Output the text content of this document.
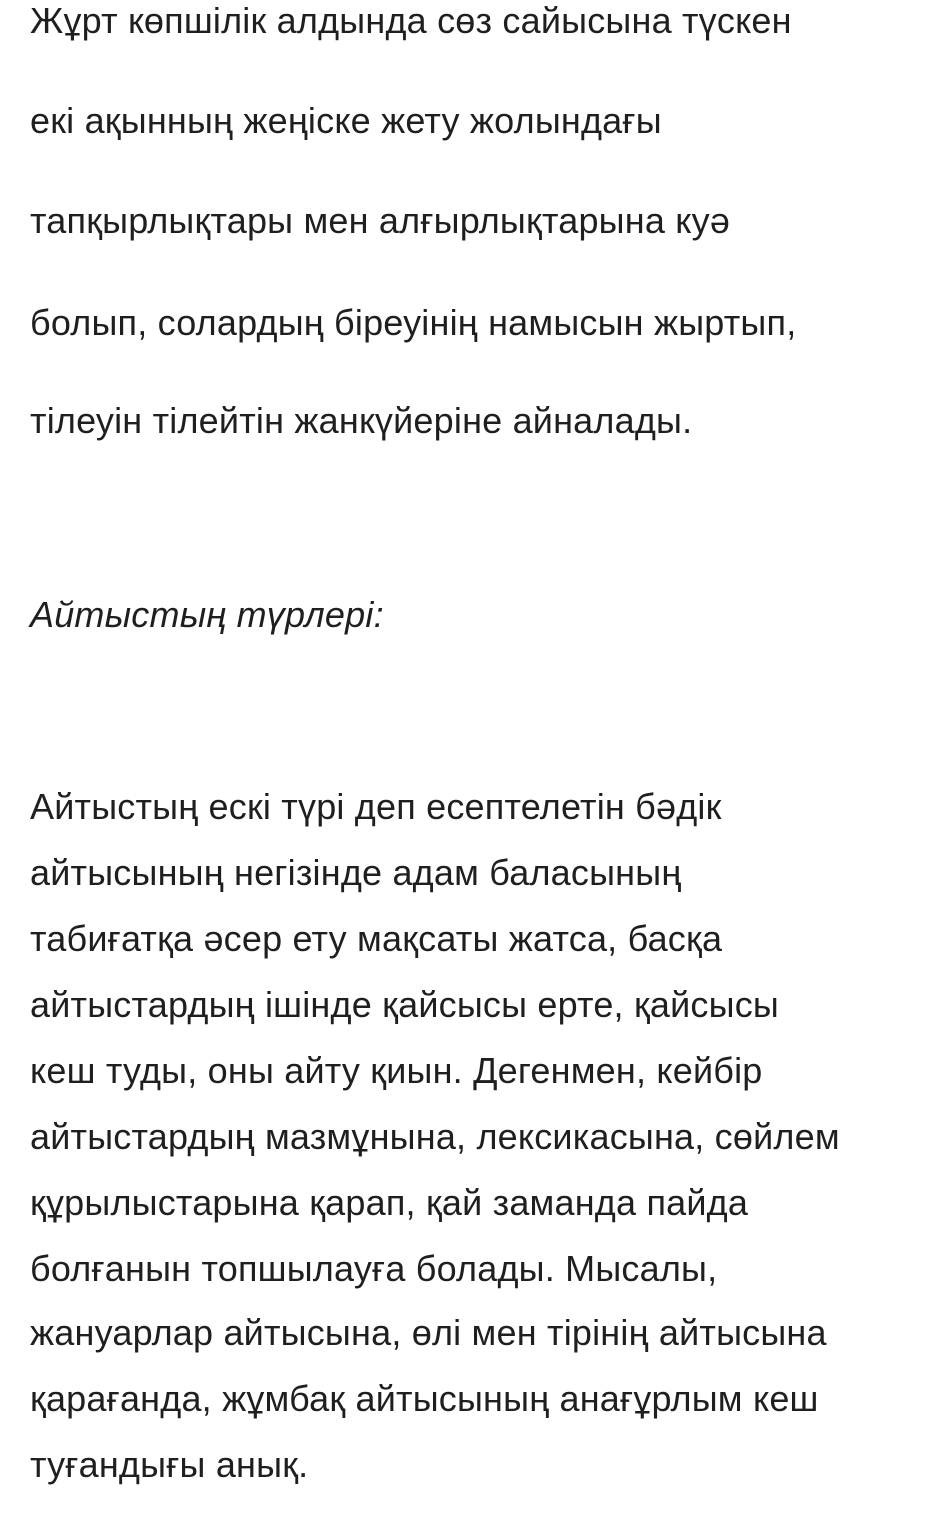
Жұрт көпшілік алдында сөз сайысына түскен
екі ақынның жеңіске жету жолындағы
тапқырлықтары мен алғырлықтарына куә
болып, солардың біреуінің намысын жыртып,
тілеуін тілейтін жанкүйеріне айналады.
Айтыстың түрлері:
Айтыстың ескі түрі деп есептелетін бәдік
айтысының негізінде адам баласының
табиғатқа әсер ету мақсаты жатса, басқа
айтыстардың ішінде қайсысы ерте, қайсысы
кеш туды, оны айту қиын. Дегенмен, кейбір
айтыстардың мазмұнына, лексикасына, сөйлем
құрылыстарына қарап, қай заманда пайда
болғанын топшылауға болады. Мысалы,
жануарлар айтысына, өлі мен тірінің айтысына
қарағанда, жұмбақ айтысының анағұрлым кеш
туғандығы анық.
